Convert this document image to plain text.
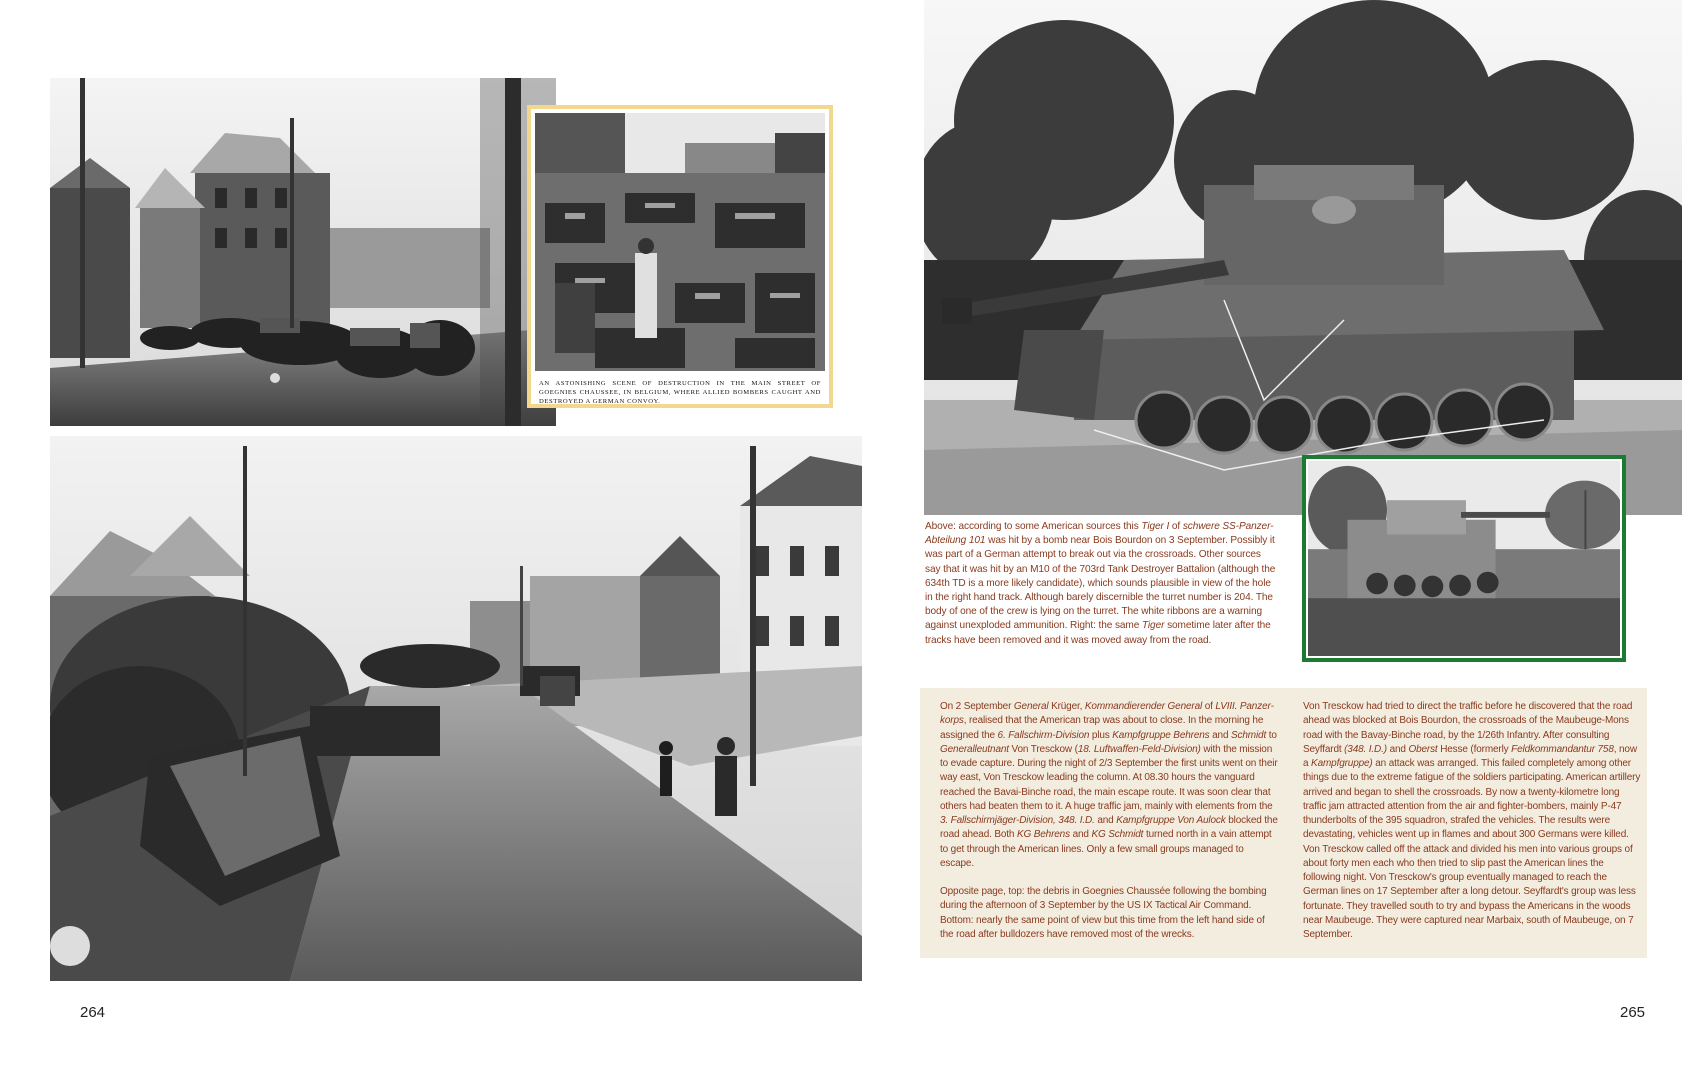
AN ASTONISHING SCENE OF DESTRUCTION IN THE MAIN STREET OF GOEGNIES CHAUSSEE, IN BELGIUM, WHERE ALLIED BOMBERS CAUGHT AND DESTROYED A GERMAN CONVOY.
Above: according to some American sources this Tiger I of schwere SS-Panzer-Abteilung 101 was hit by a bomb near Bois Bourdon on 3 September. Possibly it was part of a German attempt to break out via the crossroads. Other sources say that it was hit by an M10 of the 703rd Tank Destroyer Battalion (although the 634th TD is a more likely candidate), which sounds plausible in view of the hole in the right hand track. Although barely discernible the turret number is 204. The body of one of the crew is lying on the turret. The white ribbons are a warning against unexploded ammunition. Right: the same Tiger sometime later after the tracks have been removed and it was moved away from the road.

On 2 September General Krüger, Kommandierender General of LVIII. Panzerkorps, realised that the American trap was about to close. In the morning he assigned the 6. Fallschirm-Division plus Kampfgruppe Behrens and Schmidt to Generalleutnant Von Tresckow (18. Luftwaffen-Feld-Division) with the mission to evade capture. During the night of 2/3 September the first units went on their way east, Von Tresckow leading the column. At 08.30 hours the vanguard reached the Bavai-Binche road, the main escape route. It was soon clear that others had beaten them to it. A huge traffic jam, mainly with elements from the 3. Fallschirmjäger-Division, 348. I.D. and Kampfgruppe Von Aulock blocked the road ahead. Both KG Behrens and KG Schmidt turned north in a vain attempt to get through the American lines. Only a few small groups managed to escape.

Opposite page, top: the debris in Goegnies Chaussée following the bombing during the afternoon of 3 September by the US IX Tactical Air Command. Bottom: nearly the same point of view but this time from the left hand side of the road after bulldozers have removed most of the wrecks.

Von Tresckow had tried to direct the traffic before he discovered that the road ahead was blocked at Bois Bourdon, the crossroads of the Maubeuge-Mons road with the Bavay-Binche road, by the 1/26th Infantry. After consulting Seyffardt (348. I.D.) and Oberst Hesse (formerly Feldkommandantur 758, now a Kampfgruppe) an attack was arranged. This failed completely among other things due to the extreme fatigue of the soldiers participating. American artillery arrived and began to shell the crossroads. By now a twenty-kilometre long traffic jam attracted attention from the air and fighter-bombers, mainly P-47 thunderbolts of the 395 squadron, strafed the vehicles. The results were devastating, vehicles went up in flames and about 300 Germans were killed. Von Tresckow called off the attack and divided his men into various groups of about forty men each who then tried to slip past the American lines the following night. Von Tresckow's group eventually managed to reach the German lines on 17 September after a long detour. Seyffardt's group was less fortunate. They travelled south to try and bypass the Americans in the woods near Maubeuge. They were captured near Marbaix, south of Maubeuge, on 7 September.

264	265
